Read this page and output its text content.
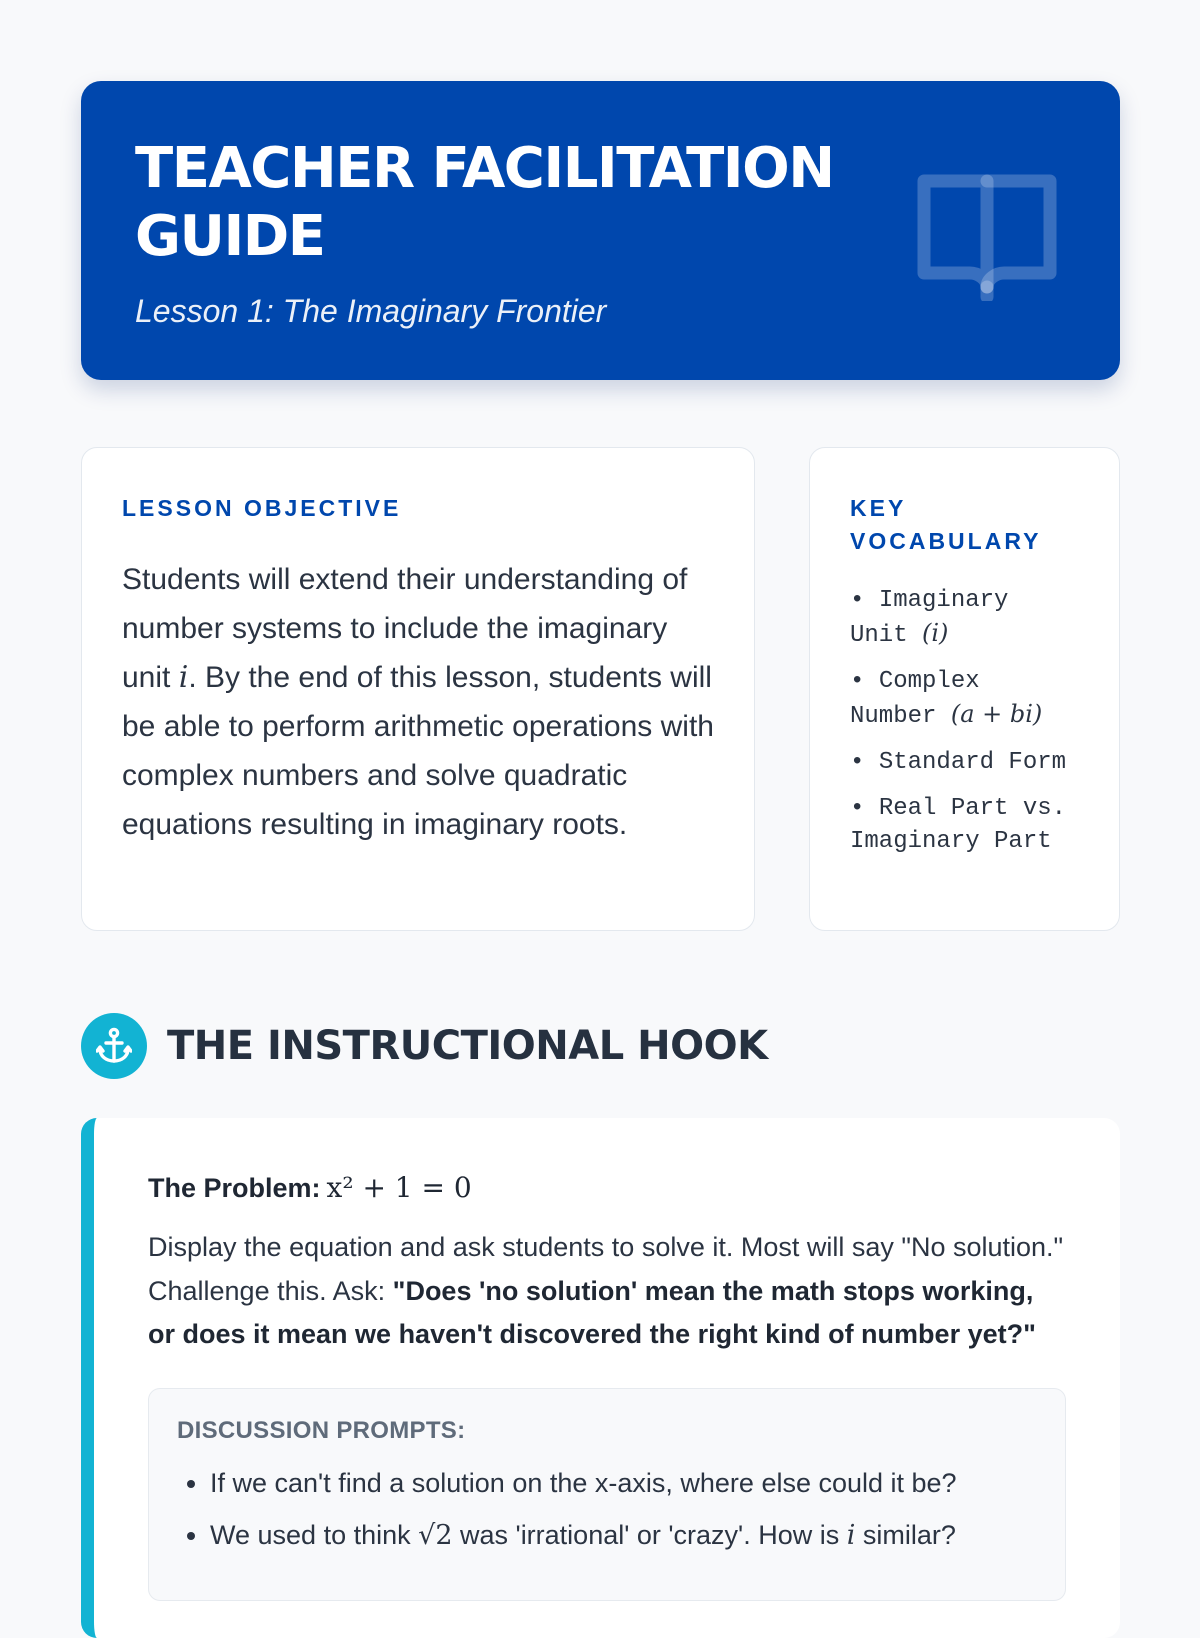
TEACHER FACILITATION GUIDE
Lesson 1: The Imaginary Frontier
LESSON OBJECTIVE
Students will extend their understanding of number systems to include the imaginary unit i. By the end of this lesson, students will be able to perform arithmetic operations with complex numbers and solve quadratic equations resulting in imaginary roots.
KEY VOCABULARY
• Imaginary Unit (i)
• Complex Number (a + bi)
• Standard Form
• Real Part vs. Imaginary Part
THE INSTRUCTIONAL HOOK
The Problem: x² + 1 = 0
Display the equation and ask students to solve it. Most will say "No solution." Challenge this. Ask: "Does 'no solution' mean the math stops working, or does it mean we haven't discovered the right kind of number yet?"
DISCUSSION PROMPTS:
• If we can't find a solution on the x-axis, where else could it be?
• We used to think √2 was 'irrational' or 'crazy'. How is i similar?
